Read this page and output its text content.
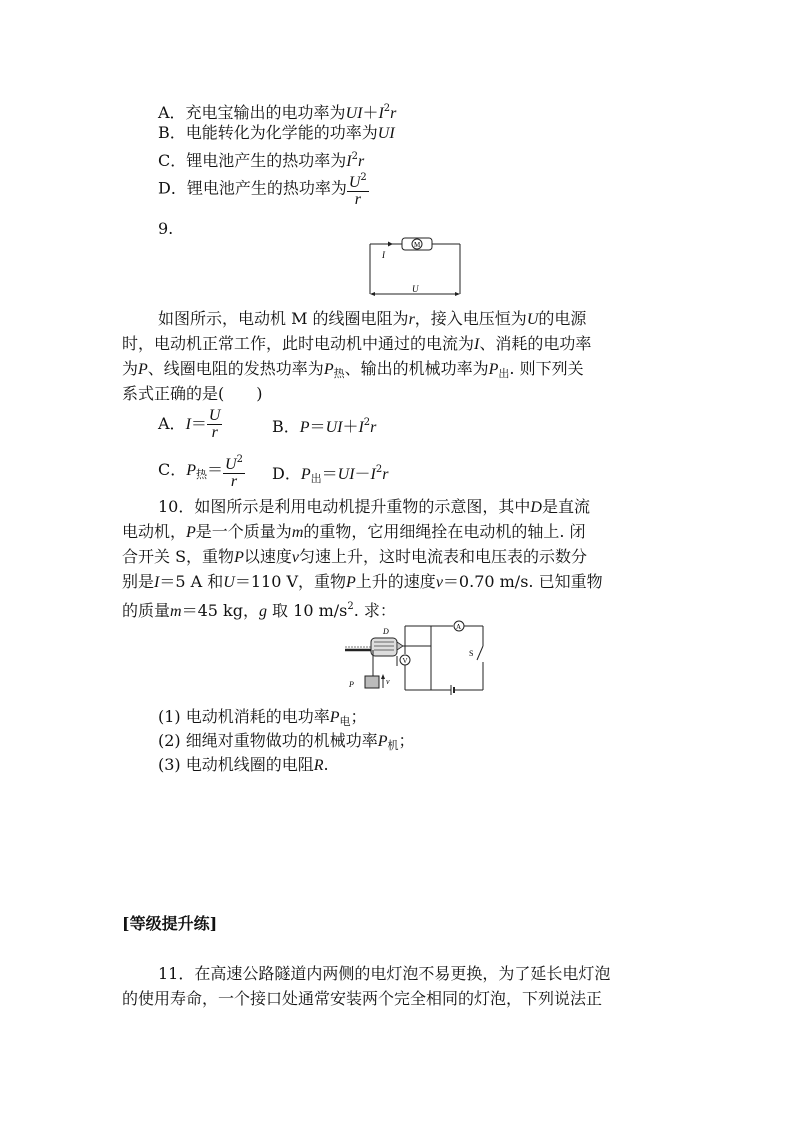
A．充电宝输出的电功率为$UI+I^2r$
B．电能转化为化学能的功率为UI
C．锂电池产生的热功率为$I^2r$
D．锂电池产生的热功率为 $\frac{U^2}{r}$
9.
I
M
U
如图所示，电动机 M 的线圈电阻为r，接入电压恒为U的电源
时，电动机正常工作，此时电动机中通过的电流为I、消耗的电功率
为P、线圈电阻的发热功率为$P_热$、输出的机械功率为$P_出$. 则下列关
系式正确的是(　　)
A．$I= \frac{U}{r}$	B．$P=UI+I^2r$
C．$P_热= \frac{U^2}{r}$ D．$P_出=UI-I^2r$
10．如图所示是利用电动机提升重物的示意图，其中D是直流
电动机，P是一个质量为m的重物，它用细绳拴在电动机的轴上. 闭
合开关 S，重物P以速度v匀速上升，这时电流表和电压表的示数分
别是I＝5 A 和U＝110 V，重物P上升的速度v＝0.70 m/s. 已知重物
的质量m＝45 kg，g 取 10 $m/s^2$. 求：
D
P	v
A
S
V
(1) 电动机消耗的电功率$P_电$；
(2) 细绳对重物做功的机械功率$P_机$；
(3) 电动机线圈的电阻R.
[等级提升练]
11．在高速公路隧道内两侧的电灯泡不易更换，为了延长电灯泡
的使用寿命，一个接口处通常安装两个完全相同的灯泡，下列说法正
